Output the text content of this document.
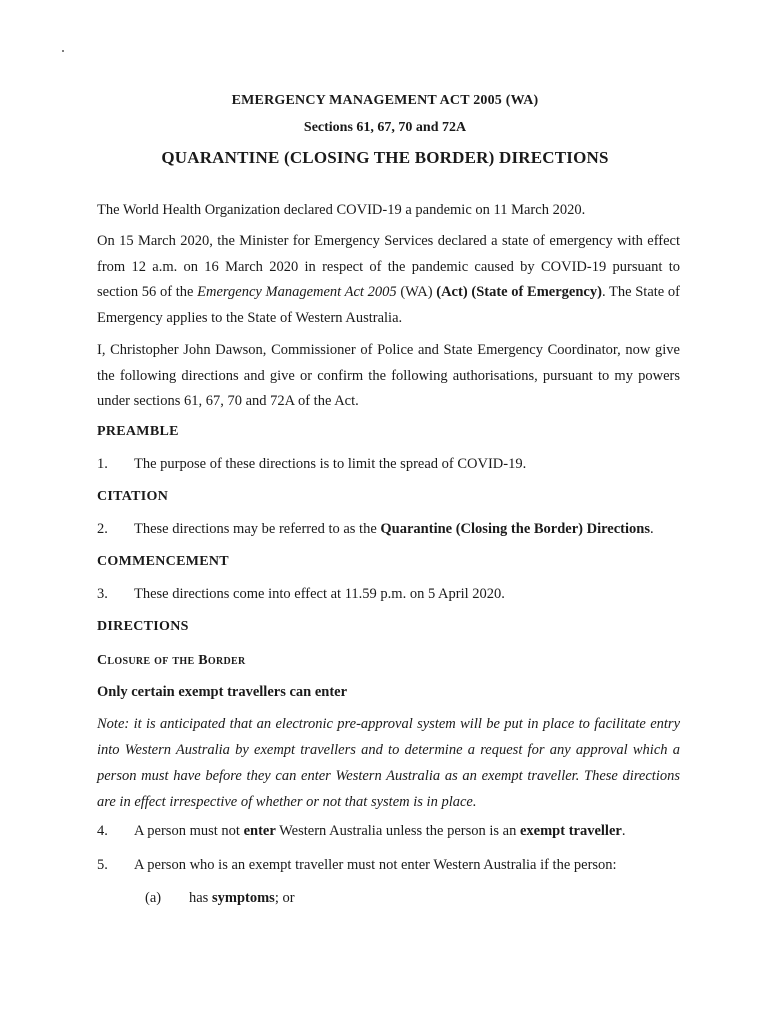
EMERGENCY MANAGEMENT ACT 2005 (WA)
Sections 61, 67, 70 and 72A
QUARANTINE (CLOSING THE BORDER) DIRECTIONS
The World Health Organization declared COVID-19 a pandemic on 11 March 2020.
On 15 March 2020, the Minister for Emergency Services declared a state of emergency with effect from 12 a.m. on 16 March 2020 in respect of the pandemic caused by COVID-19 pursuant to section 56 of the Emergency Management Act 2005 (WA) (Act) (State of Emergency). The State of Emergency applies to the State of Western Australia.
I, Christopher John Dawson, Commissioner of Police and State Emergency Coordinator, now give the following directions and give or confirm the following authorisations, pursuant to my powers under sections 61, 67, 70 and 72A of the Act.
PREAMBLE
1. The purpose of these directions is to limit the spread of COVID-19.
CITATION
2. These directions may be referred to as the Quarantine (Closing the Border) Directions.
COMMENCEMENT
3. These directions come into effect at 11.59 p.m. on 5 April 2020.
DIRECTIONS
Closure of the Border
Only certain exempt travellers can enter
Note: it is anticipated that an electronic pre-approval system will be put in place to facilitate entry into Western Australia by exempt travellers and to determine a request for any approval which a person must have before they can enter Western Australia as an exempt traveller. These directions are in effect irrespective of whether or not that system is in place.
4. A person must not enter Western Australia unless the person is an exempt traveller.
5. A person who is an exempt traveller must not enter Western Australia if the person:
(a) has symptoms; or
